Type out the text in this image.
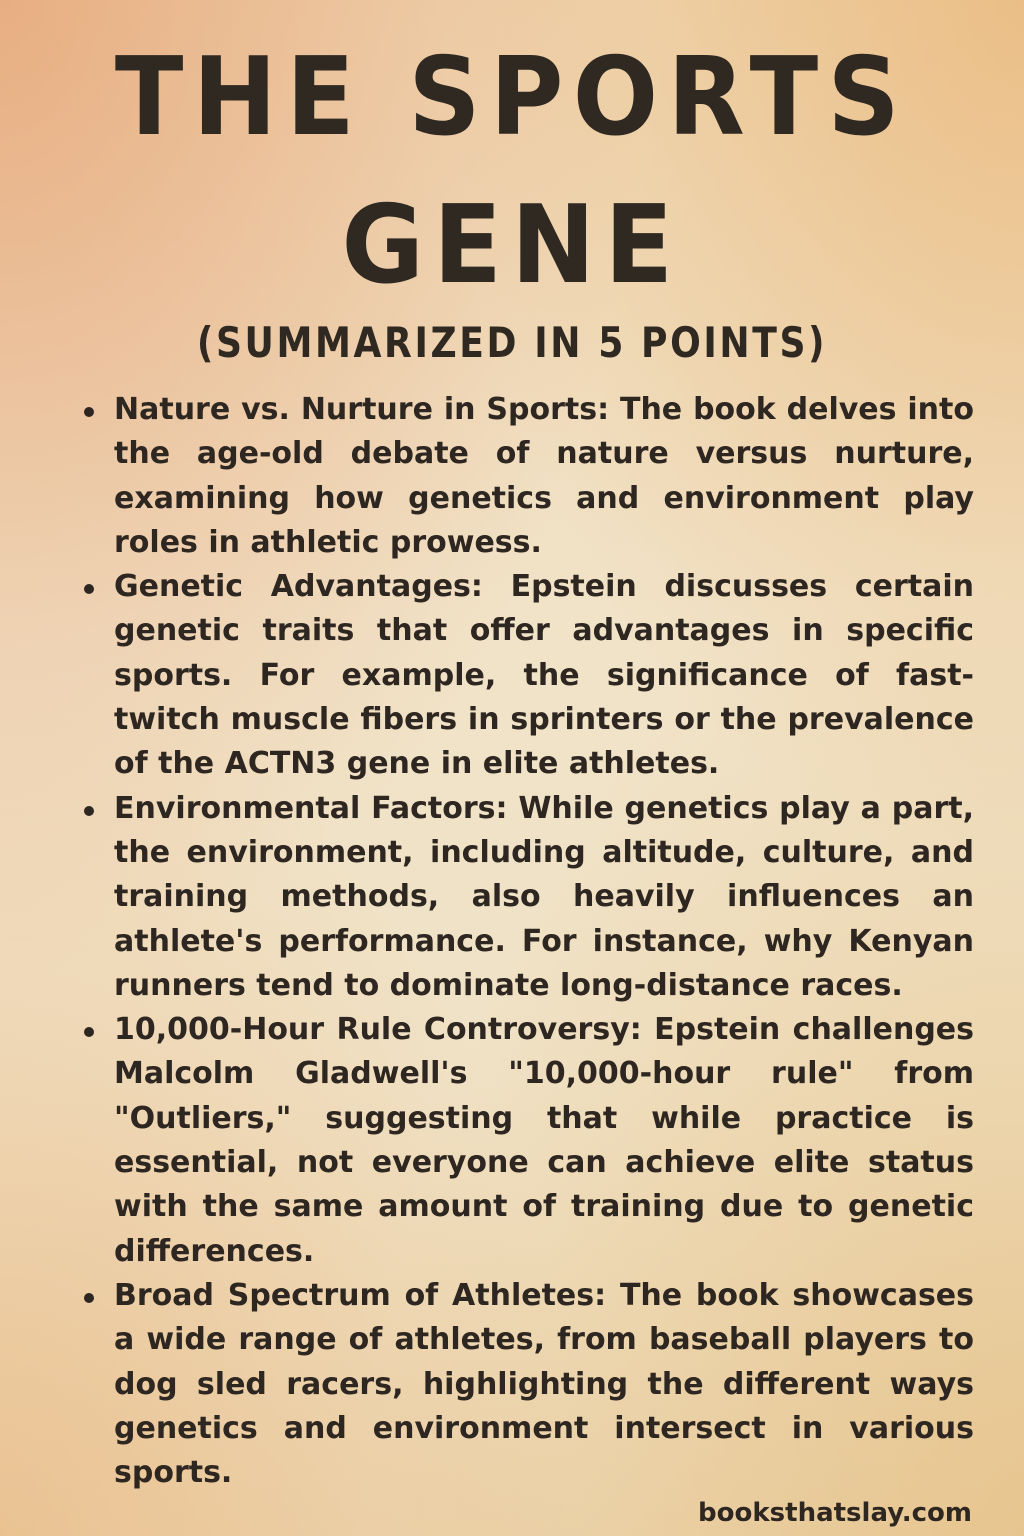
THE SPORTS
GENE
(SUMMARIZED IN 5 POINTS)
Nature vs. Nurture in Sports: The book delves into the age-old debate of nature versus nurture, examining how genetics and environment play roles in athletic prowess.
Genetic Advantages: Epstein discusses certain genetic traits that offer advantages in specific sports. For example, the significance of fast-twitch muscle fibers in sprinters or the prevalence of the ACTN3 gene in elite athletes.
Environmental Factors: While genetics play a part, the environment, including altitude, culture, and training methods, also heavily influences an athlete's performance. For instance, why Kenyan runners tend to dominate long-distance races.
10,000-Hour Rule Controversy: Epstein challenges Malcolm Gladwell's "10,000-hour rule" from "Outliers," suggesting that while practice is essential, not everyone can achieve elite status with the same amount of training due to genetic differences.
Broad Spectrum of Athletes: The book showcases a wide range of athletes, from baseball players to dog sled racers, highlighting the different ways genetics and environment intersect in various sports.
booksthatslay.com
